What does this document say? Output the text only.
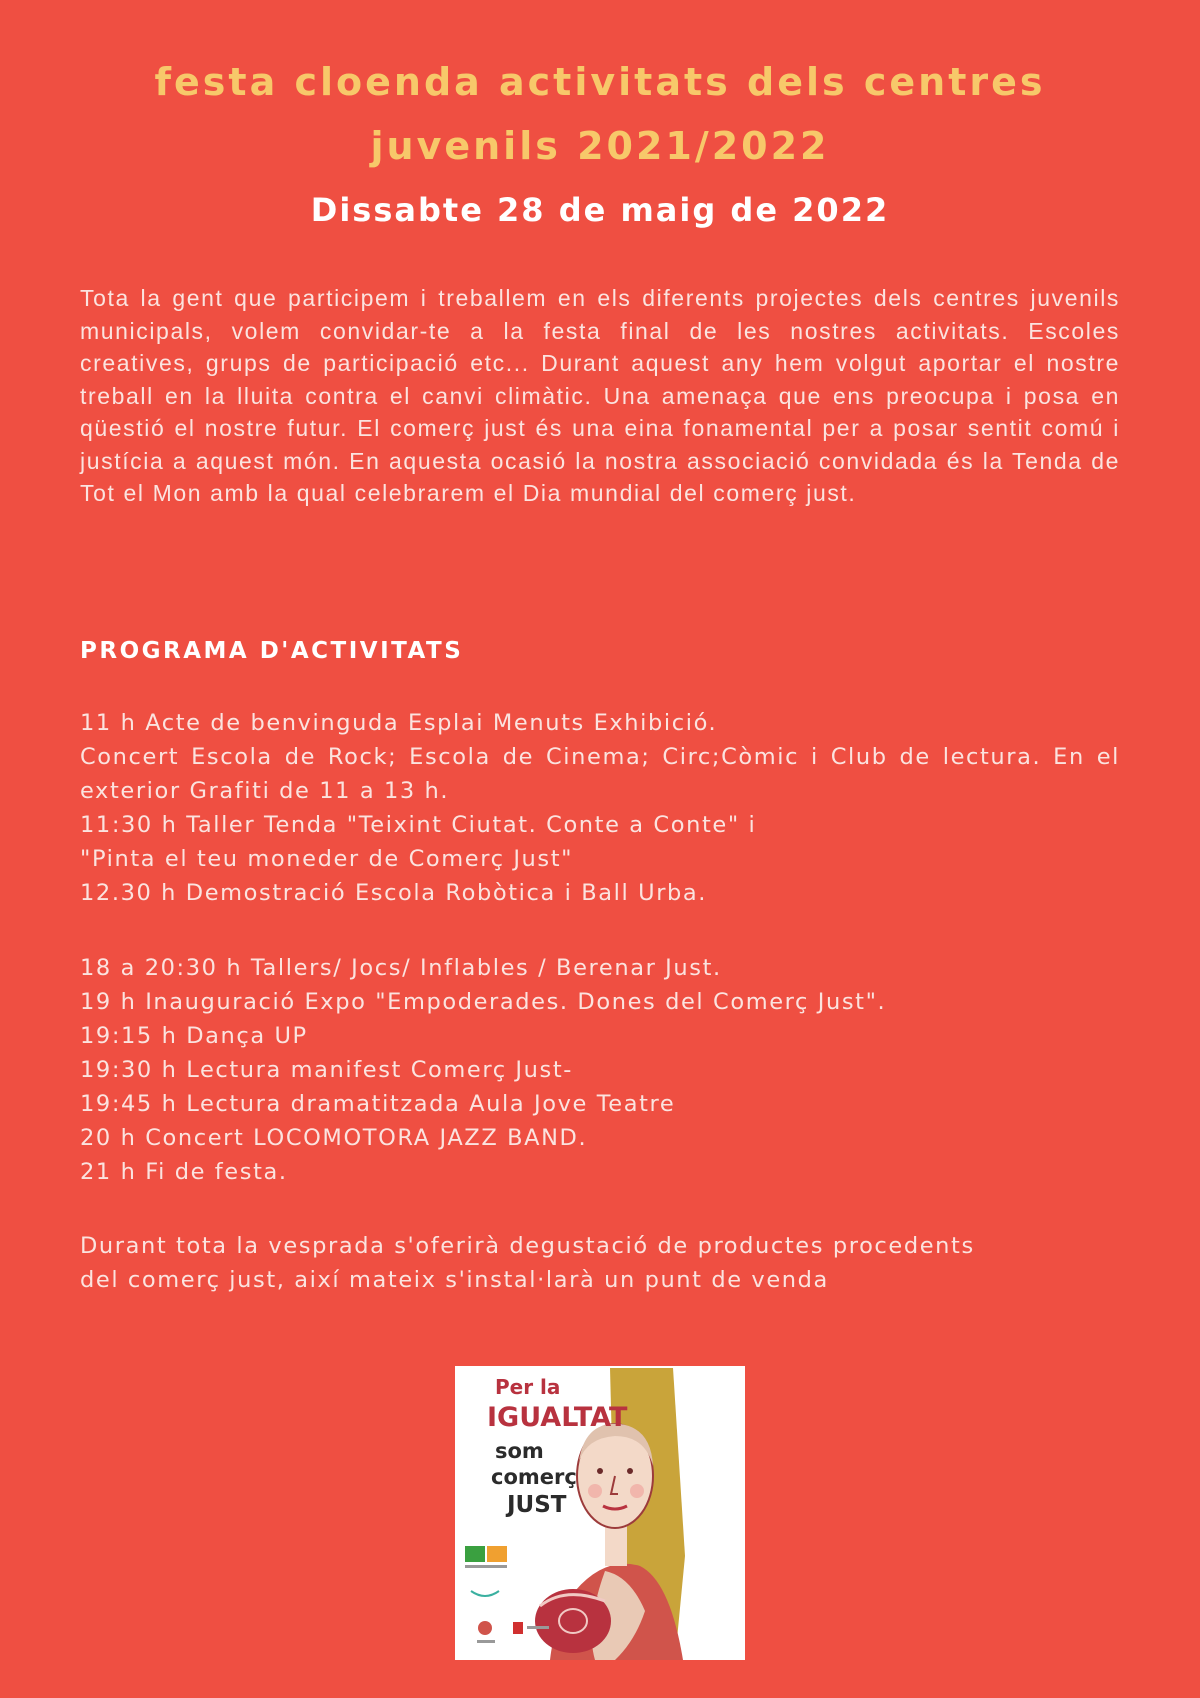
festa cloenda activitats dels centres
juvenils 2021/2022
Dissabte 28 de maig de 2022
Tota la gent que participem i treballem en els diferents projectes dels centres juvenils municipals, volem convidar-te a la festa final de les nostres activitats. Escoles creatives, grups de participació etc... Durant aquest any hem volgut aportar el nostre treball en la lluita contra el canvi climàtic. Una amenaça que ens preocupa i posa en qüestió el nostre futur. El comerç just és una eina fonamental per a posar sentit comú i justícia a aquest món. En aquesta ocasió la nostra associació convidada és la Tenda de Tot el Mon amb la qual celebrarem el Dia mundial del comerç just.
PROGRAMA D'ACTIVITATS
11 h Acte de benvinguda Esplai Menuts Exhibició.
Concert Escola de Rock; Escola de Cinema; Circ;Còmic i Club de lectura. En el exterior Grafiti de 11 a 13 h.
11:30 h Taller Tenda "Teixint Ciutat. Conte a Conte" i
"Pinta el teu moneder de Comerç Just"
12.30 h Demostració Escola Robòtica i Ball Urba.
18 a 20:30 h Tallers/ Jocs/ Inflables / Berenar Just.
19 h Inauguració Expo "Empoderades. Dones del Comerç Just".
19:15 h Dança UP
19:30 h Lectura manifest Comerç Just-
19:45 h Lectura dramatitzada Aula Jove Teatre
20 h Concert LOCOMOTORA JAZZ BAND.
21 h Fi de festa.
Durant tota la vesprada s'oferirà degustació de productes procedents
del comerç just, així mateix s'instal·larà un punt de venda
Per la
IGUALTAT
som
comerç
JUST
